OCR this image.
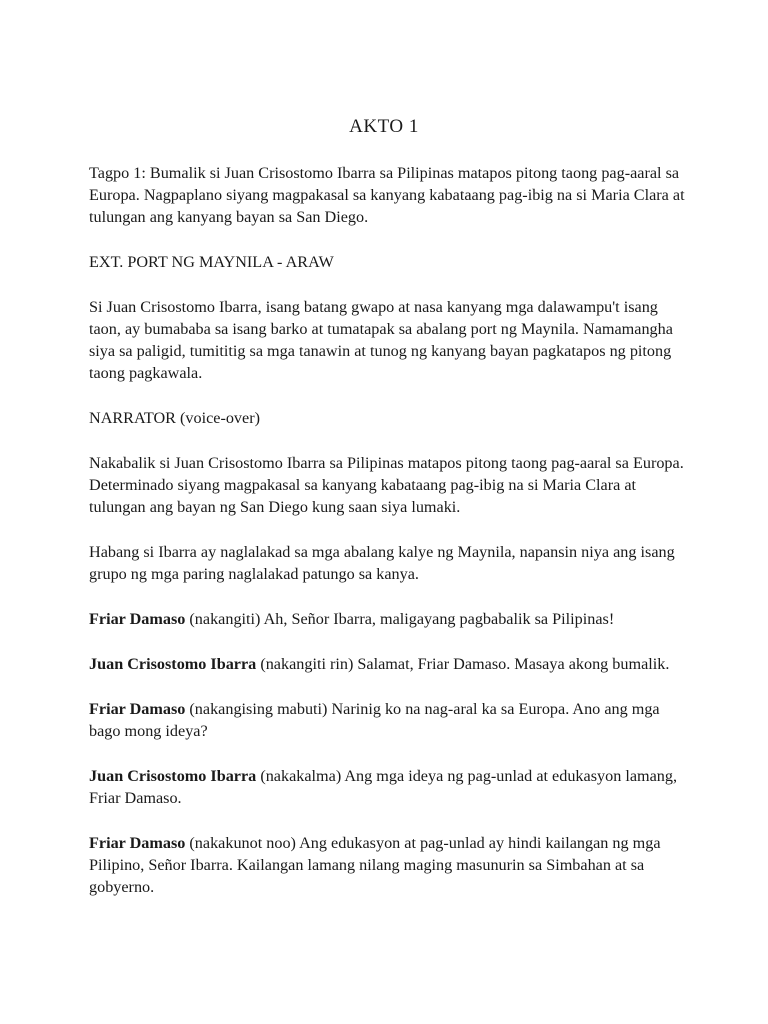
AKTO 1

Tagpo 1: Bumalik si Juan Crisostomo Ibarra sa Pilipinas matapos pitong taong pag-aaral sa Europa. Nagpaplano siyang magpakasal sa kanyang kabataang pag-ibig na si Maria Clara at tulungan ang kanyang bayan sa San Diego.

EXT. PORT NG MAYNILA - ARAW

Si Juan Crisostomo Ibarra, isang batang gwapo at nasa kanyang mga dalawampu't isang taon, ay bumababa sa isang barko at tumatapak sa abalang port ng Maynila. Namamangha siya sa paligid, tumititig sa mga tanawin at tunog ng kanyang bayan pagkatapos ng pitong taong pagkawala.

NARRATOR (voice-over)

Nakabalik si Juan Crisostomo Ibarra sa Pilipinas matapos pitong taong pag-aaral sa Europa. Determinado siyang magpakasal sa kanyang kabataang pag-ibig na si Maria Clara at tulungan ang bayan ng San Diego kung saan siya lumaki.

Habang si Ibarra ay naglalakad sa mga abalang kalye ng Maynila, napansin niya ang isang grupo ng mga paring naglalakad patungo sa kanya.

Friar Damaso (nakangiti) Ah, Señor Ibarra, maligayang pagbabalik sa Pilipinas!

Juan Crisostomo Ibarra (nakangiti rin) Salamat, Friar Damaso. Masaya akong bumalik.

Friar Damaso (nakangising mabuti) Narinig ko na nag-aral ka sa Europa. Ano ang mga bago mong ideya?

Juan Crisostomo Ibarra (nakakalma) Ang mga ideya ng pag-unlad at edukasyon lamang, Friar Damaso.

Friar Damaso (nakakunot noo) Ang edukasyon at pag-unlad ay hindi kailangan ng mga Pilipino, Señor Ibarra. Kailangan lamang nilang maging masunurin sa Simbahan at sa gobyerno.
